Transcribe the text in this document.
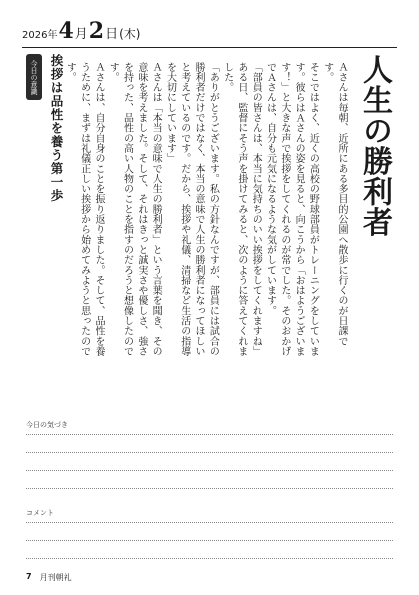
2026年 4 月 2 日 (木)
人生の勝利者

Ａさんは毎朝、近所にある多目的公園へ散歩に行くのが日課です。

そこではよく、近くの高校の野球部員がトレーニングをしています。彼らはＡさんの姿を見ると、向こうから「おはようございます！」と大きな声で挨拶をしてくれるのが常でした。そのおかげでＡさんは、自分も元気になるような気がしています。

「部員の皆さんは、本当に気持ちのいい挨拶をしてくれますね」

ある日、監督にそう声を掛けてみると、次のように答えてくれました。

「ありがとうございます。私の方針なんですが、部員には試合の勝利者だけではなく、本当の意味で人生の勝利者になってほしいと考えているのです。だから、挨拶や礼儀、清掃など生活の指導を大切にしています」

Ａさんは「本当の意味で人生の勝利者」という言葉を聞き、その意味を考えました。そして、それはきっと誠実さや優しさ、強さを持った、品性の高い人物のことを指すのだろうと想像したのです。

Ａさんは、自分自身のことを振り返りました。そして、品性を養うために、まずは礼儀正しい挨拶から始めてみようと思ったのです。

今日の意識 挨拶は品性を養う第一歩
今日の気づき
コメント
7 月刊朝礼
